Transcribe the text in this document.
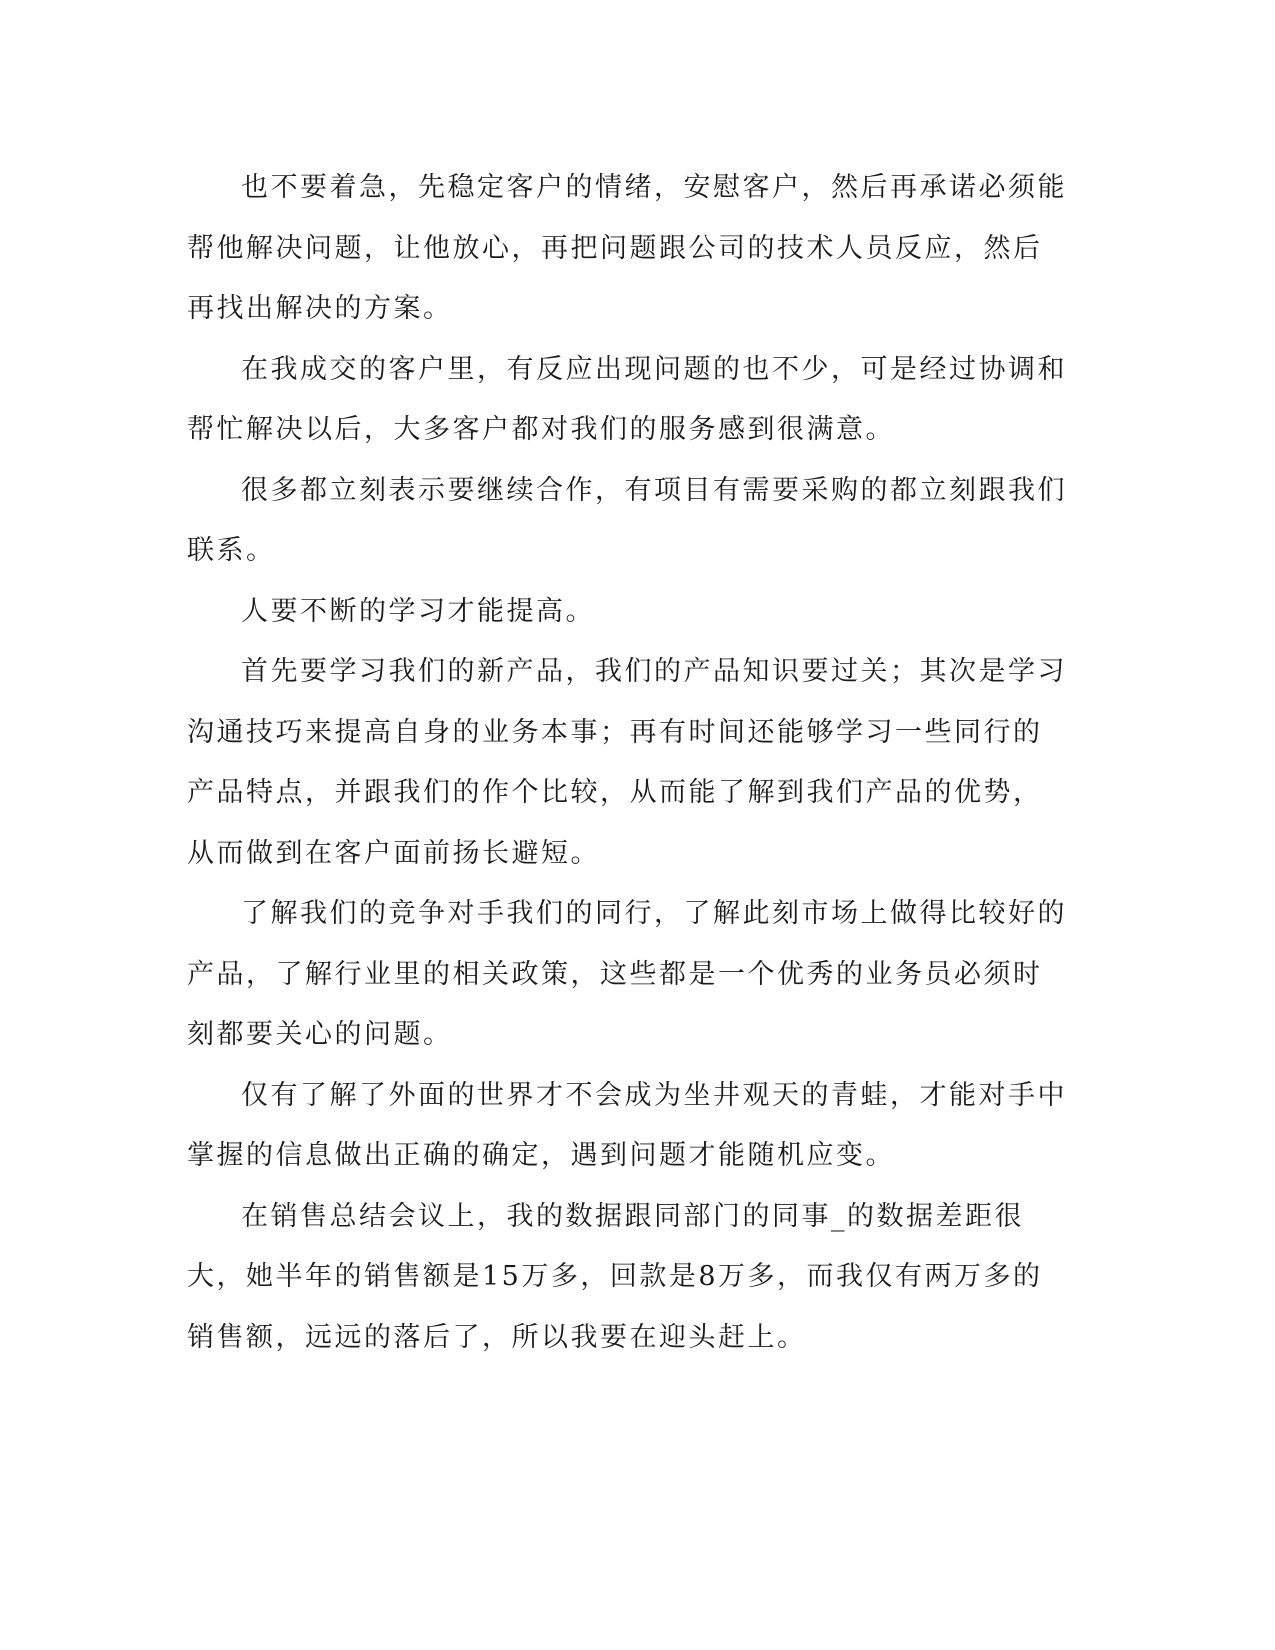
也不要着急，先稳定客户的情绪，安慰客户，然后再承诺必须能帮他解决问题，让他放心，再把问题跟公司的技术人员反应，然后再找出解决的方案。

在我成交的客户里，有反应出现问题的也不少，可是经过协调和帮忙解决以后，大多客户都对我们的服务感到很满意。

很多都立刻表示要继续合作，有项目有需要采购的都立刻跟我们联系。

人要不断的学习才能提高。

首先要学习我们的新产品，我们的产品知识要过关；其次是学习沟通技巧来提高自身的业务本事；再有时间还能够学习一些同行的产品特点，并跟我们的作个比较，从而能了解到我们产品的优势，从而做到在客户面前扬长避短。

了解我们的竞争对手我们的同行，了解此刻市场上做得比较好的产品，了解行业里的相关政策，这些都是一个优秀的业务员必须时刻都要关心的问题。

仅有了解了外面的世界才不会成为坐井观天的青蛙，才能对手中掌握的信息做出正确的确定，遇到问题才能随机应变。

在销售总结会议上，我的数据跟同部门的同事_的数据差距很大，她半年的销售额是15万多，回款是8万多，而我仅有两万多的销售额，远远的落后了，所以我要在迎头赶上。
